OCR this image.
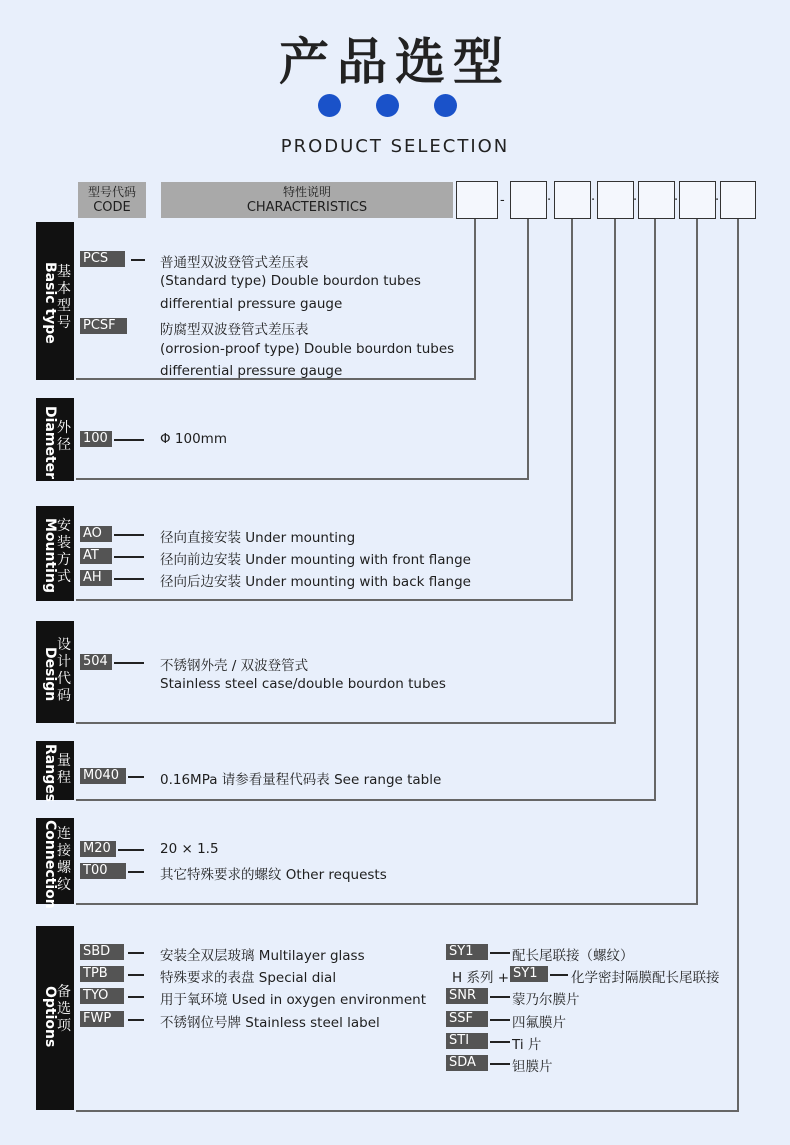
产品选型
PRODUCT SELECTION
型号代码
CODE
特性说明
CHARACTERISTICS	-	·	·	·	·	·
基本型号
Basic type
PCS	普通型双波登管式差压表
(Standard type) Double bourdon tubes
differential pressure gauge
PCSF	防腐型双波登管式差压表
(orrosion-proof type) Double bourdon tubes
differential pressure gauge
外径
Diameter 100	Φ 100mm
安装方式
Mounting AO	径向直接安装 Under mounting
AT	径向前边安装 Under mounting with front flange
AH	径向后边安装 Under mounting with back flange
设计代码
Design 504	不锈钢外壳 / 双波登管式
Stainless steel case/double bourdon tubes
量程
Ranges M040	0.16MPa 请参看量程代码表 See range table
连接螺纹
Connection M20	20 × 1.5
T00	其它特殊要求的螺纹 Other requests
备选项
Options
SBD	安装全双层玻璃 Multilayer glass
TPB	特殊要求的表盘 Special dial
TYO	用于氧环境 Used in oxygen environment
FWP	不锈钢位号牌 Stainless steel label
SY1	配长尾联接（螺纹）
H 系列 + SY1	化学密封隔膜配长尾联接
SNR	蒙乃尔膜片
SSF	四氟膜片
STI	Ti 片
SDA	钽膜片
